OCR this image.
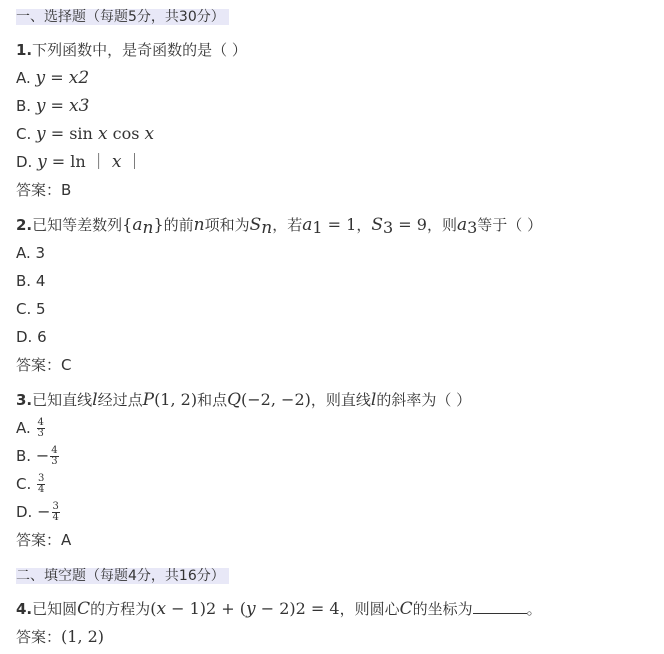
一、选择题（每题5分，共30分）
1.下列函数中，是奇函数的是（ ）
A. y = x2
B. y = x3
C. y = sin x cos x
D. y = ln ｜ x ｜
答案：B
2.已知等差数列$\{a_n\}$的前n项和为$S_n$，若$a_1 = 1$，$S_3 = 9$，则$a_3$等于（ ）
A. 3
B. 4
C. 5
D. 6
答案：C
3.已知直线l经过点P(1, 2)和点Q(−2, −2)，则直线l的斜率为（ ）
A. $\frac{4}{3}$
B. − $\frac{4}{3}$
C. $\frac{3}{4}$
D. − $\frac{3}{4}$
答案：A
二、填空题（每题4分，共16分）
4.已知圆C的方程为(x − 1)2 + (y − 2)2 = 4，则圆心C的坐标为	。
答案：(1, 2)
